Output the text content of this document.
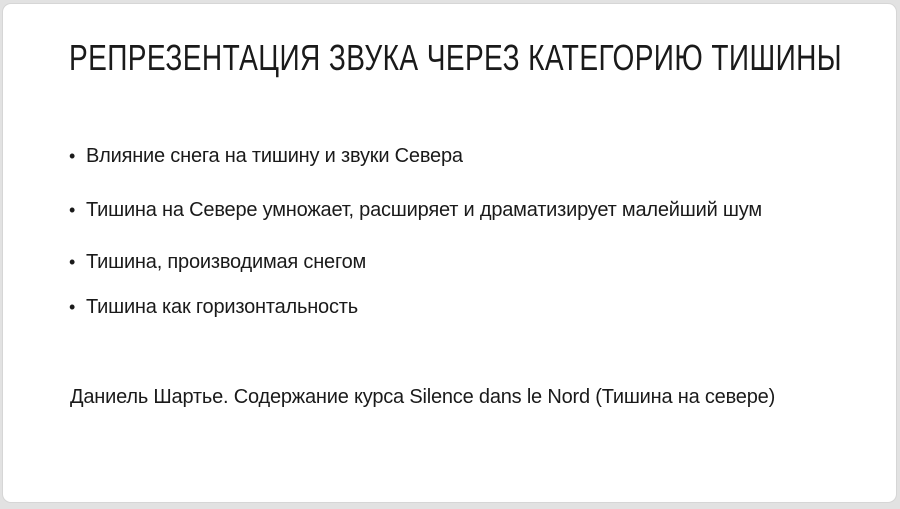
РЕПРЕЗЕНТАЦИЯ ЗВУКА ЧЕРЕЗ КАТЕГОРИЮ ТИШИНЫ
• Влияние снега на тишину и звуки Севера
• Тишина на Севере умножает, расширяет и драматизирует малейший шум
• Тишина, производимая снегом
• Тишина как горизонтальность

Даниель Шартье. Содержание курса Silence dans le Nord (Тишина на севере)
